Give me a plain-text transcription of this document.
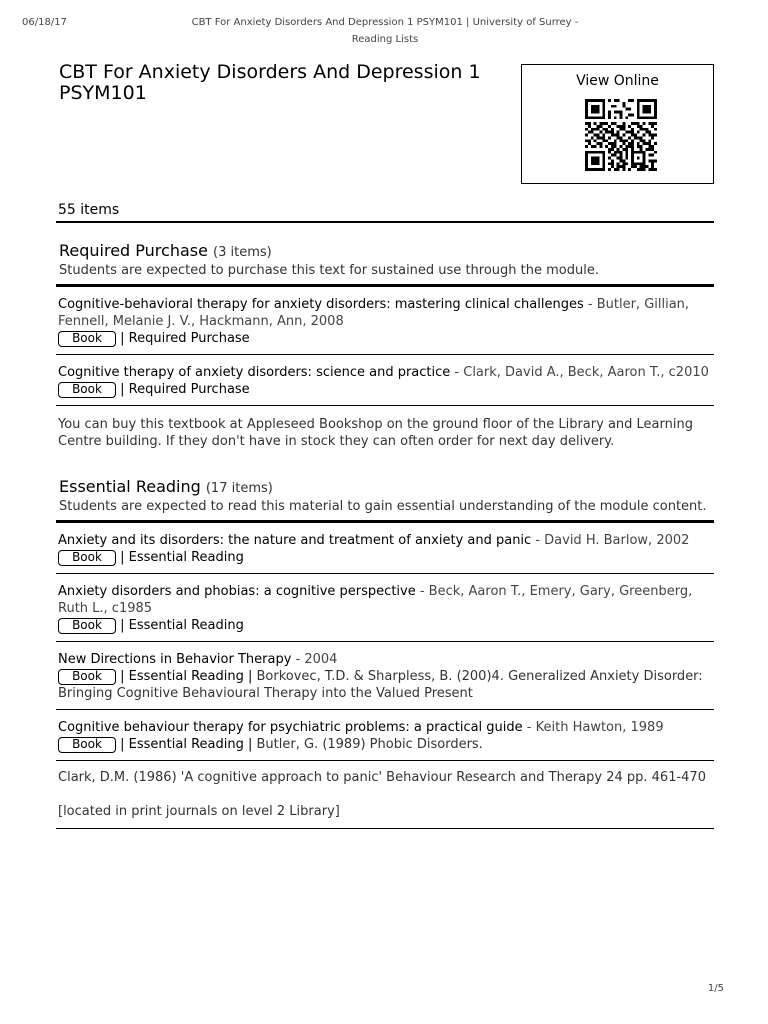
06/18/17	CBT For Anxiety Disorders And Depression 1 PSYM101 | University of Surrey - Reading Lists
CBT For Anxiety Disorders And Depression 1 PSYM101
View Online
55 items
Required Purchase (3 items)
Students are expected to purchase this text for sustained use through the module.
Cognitive-behavioral therapy for anxiety disorders: mastering clinical challenges - Butler, Gillian, Fennell, Melanie J. V., Hackmann, Ann, 2008
Book | Required Purchase
Cognitive therapy of anxiety disorders: science and practice - Clark, David A., Beck, Aaron T., c2010
Book | Required Purchase
You can buy this textbook at Appleseed Bookshop on the ground floor of the Library and Learning Centre building. If they don't have in stock they can often order for next day delivery.
Essential Reading (17 items)
Students are expected to read this material to gain essential understanding of the module content.
Anxiety and its disorders: the nature and treatment of anxiety and panic - David H. Barlow, 2002
Book | Essential Reading
Anxiety disorders and phobias: a cognitive perspective - Beck, Aaron T., Emery, Gary, Greenberg, Ruth L., c1985
Book | Essential Reading
New Directions in Behavior Therapy - 2004
Book | Essential Reading | Borkovec, T.D. & Sharpless, B. (200)4. Generalized Anxiety Disorder: Bringing Cognitive Behavioural Therapy into the Valued Present
Cognitive behaviour therapy for psychiatric problems: a practical guide - Keith Hawton, 1989
Book | Essential Reading | Butler, G. (1989) Phobic Disorders.
Clark, D.M. (1986) 'A cognitive approach to panic' Behaviour Research and Therapy 24 pp. 461-470
[located in print journals on level 2 Library]
1/5
